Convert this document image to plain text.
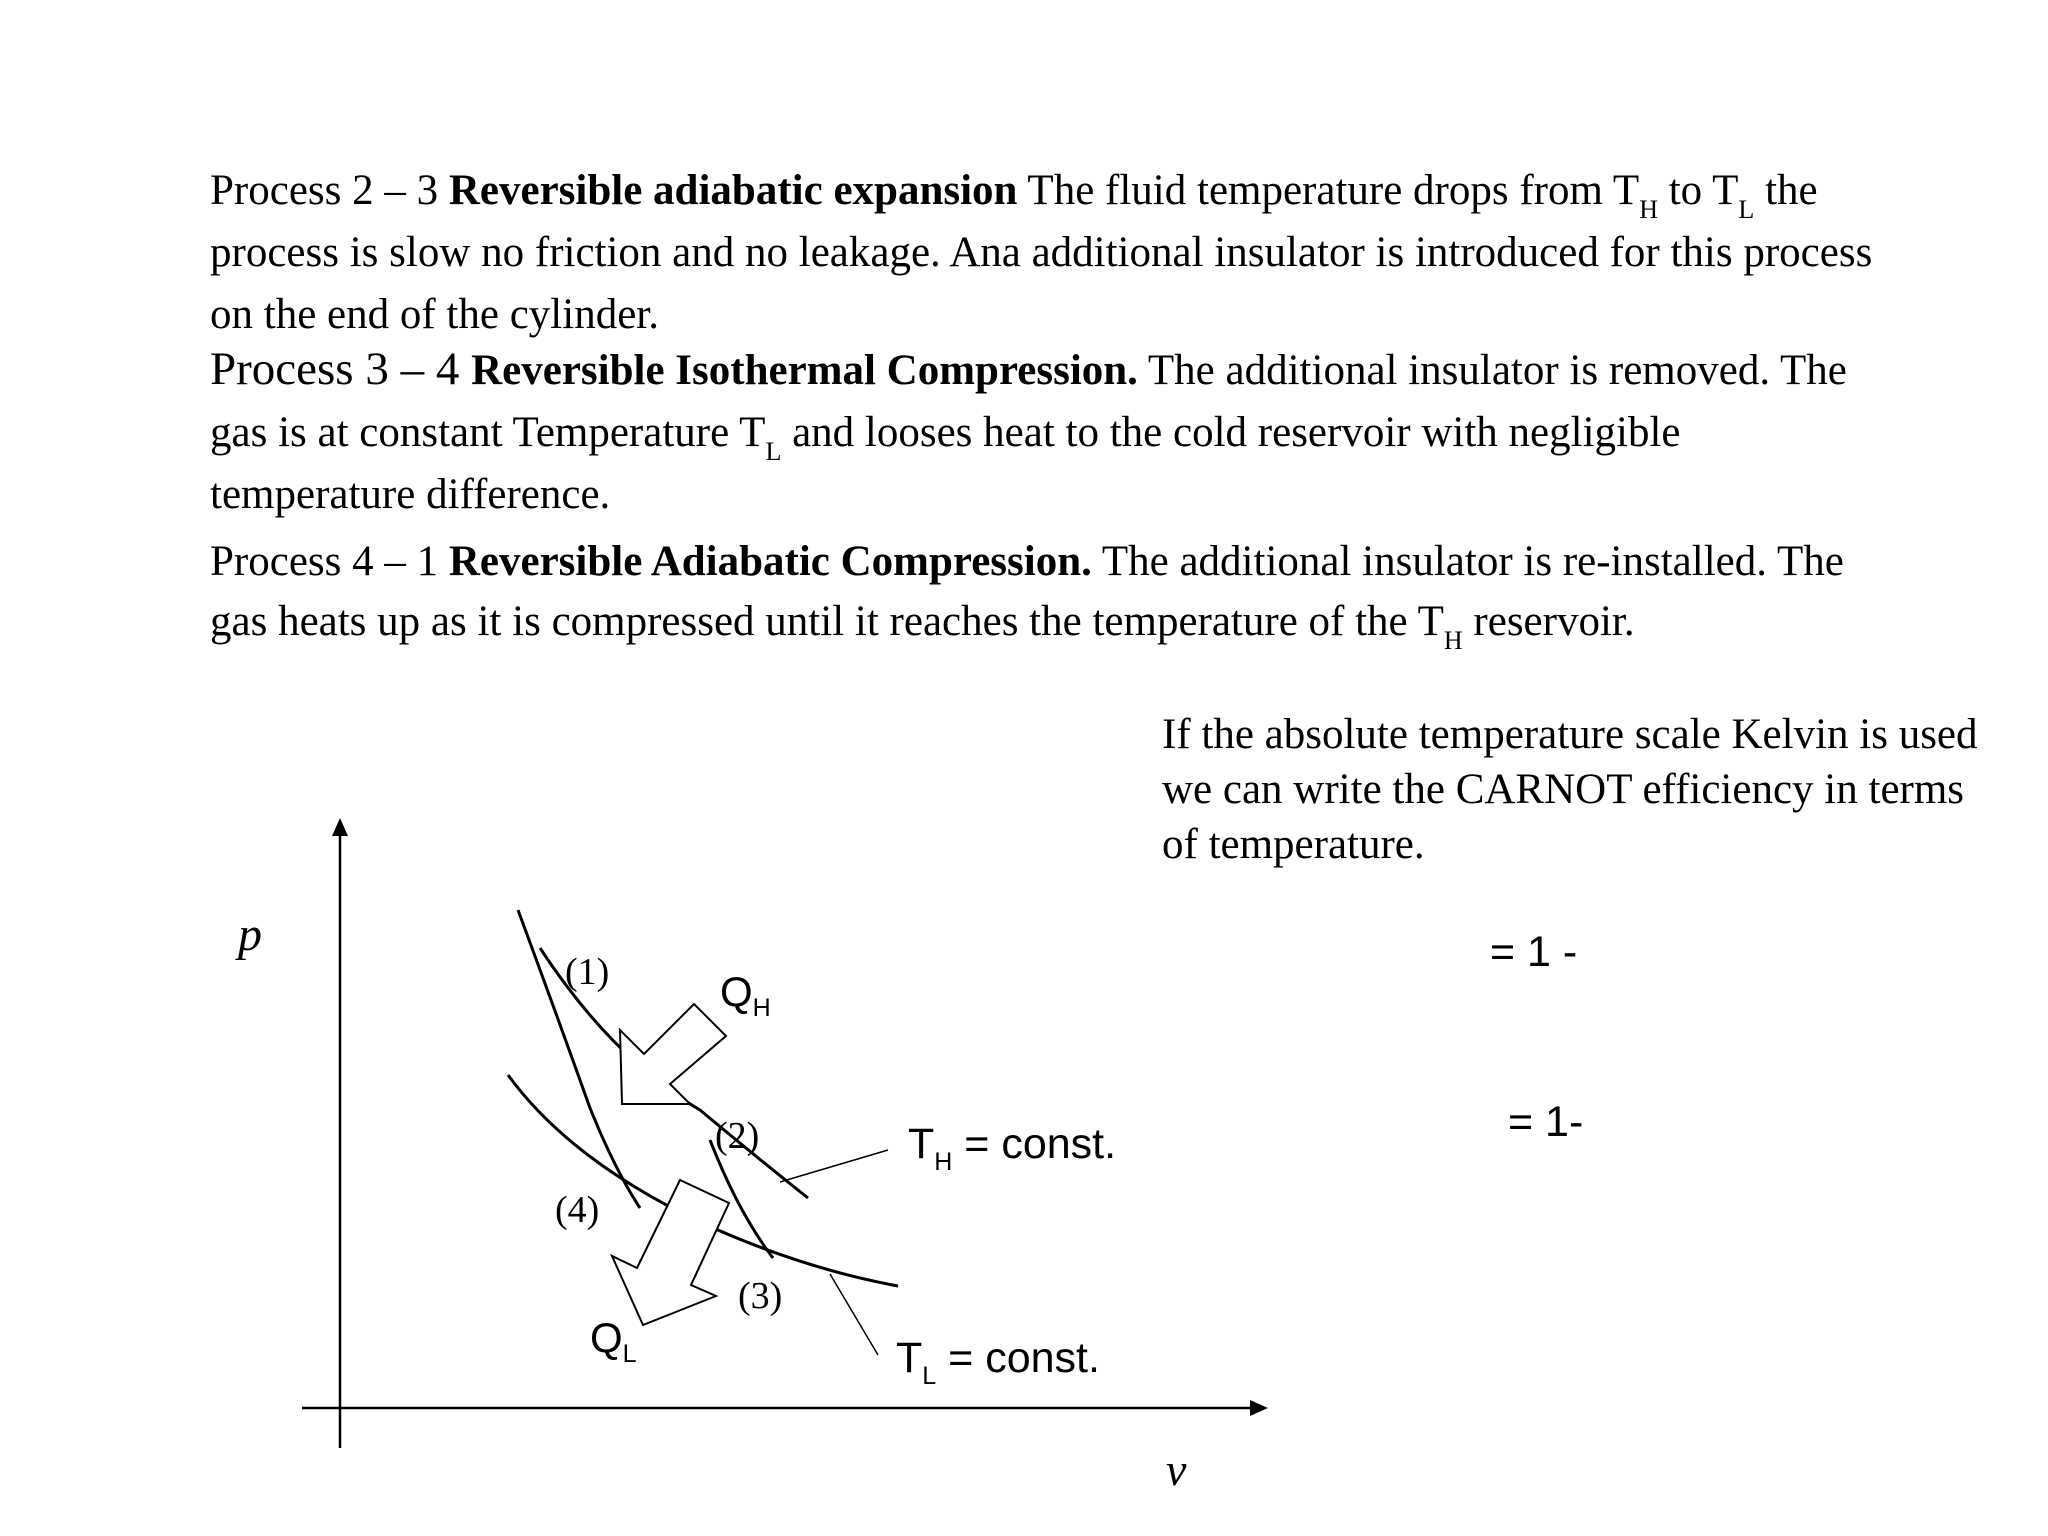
Process 2 – 3 Reversible adiabatic expansion The fluid temperature drops from $T_H$ to $T_L$ the process is slow no friction and no leakage. Ana additional insulator is introduced for this process on the end of the cylinder.

Process 3 – 4 Reversible Isothermal Compression. The additional insulator is removed. The gas is at constant Temperature $T_L$ and looses heat to the cold reservoir with negligible temperature difference.

Process 4 – 1 Reversible Adiabatic Compression. The additional insulator is re-installed. The gas heats up as it is compressed until it reaches the temperature of the $T_H$ reservoir.

If the absolute temperature scale Kelvin is used we can write the CARNOT efficiency in terms of temperature.

= 1 -
= 1-
p
v
(1)
(2)
(3)
(4)
$Q_H$
$Q_L$
$T_H$ = const.
$T_L$ = const.
